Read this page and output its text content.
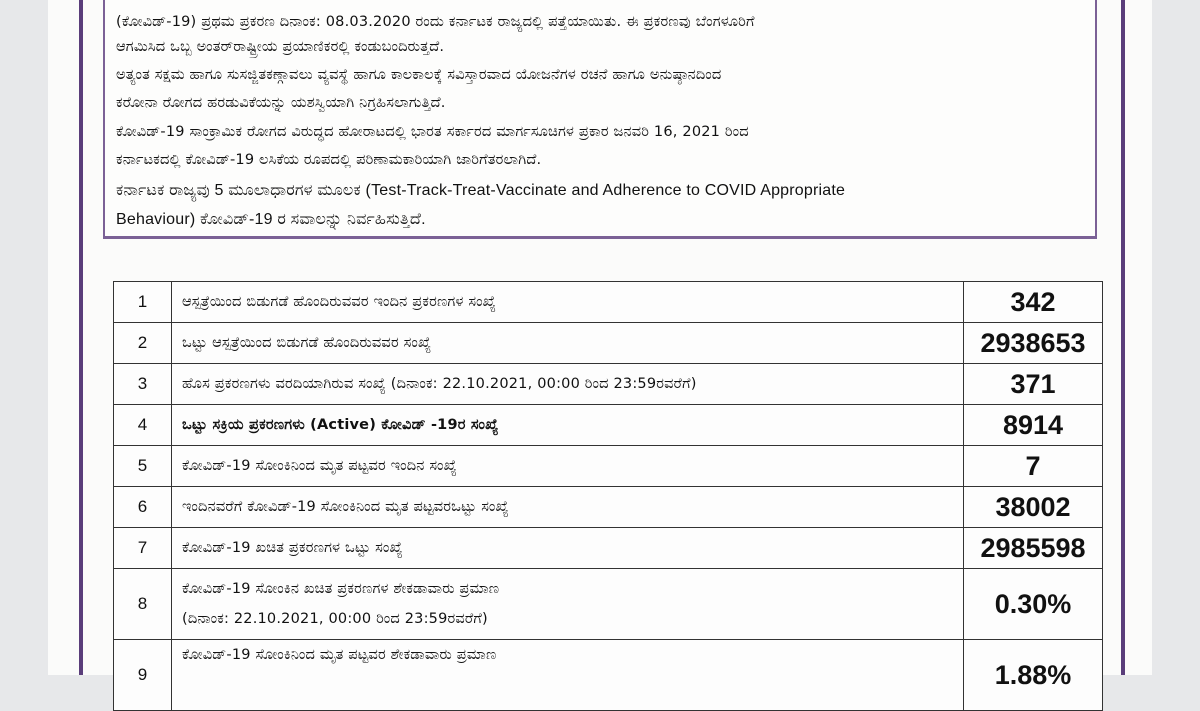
(ಕೋವಿಡ್-19) ಪ್ರಥಮ ಪ್ರಕರಣ ದಿನಾಂಕ: 08.03.2020 ರಂದು ಕರ್ನಾಟಕ ರಾಜ್ಯದಲ್ಲಿ ಪತ್ತೆಯಾಯಿತು. ಈ ಪ್ರಕರಣವು ಬೆಂಗಳೂರಿಗೆ
ಆಗಮಿಸಿದ ಒಬ್ಬ ಅಂತರ್‌ರಾಷ್ಟ್ರೀಯ ಪ್ರಯಾಣಿಕರಲ್ಲಿ ಕಂಡುಬಂದಿರುತ್ತದೆ.
ಅತ್ಯಂತ ಸಕ್ಷಮ ಹಾಗೂ ಸುಸಜ್ಜಿತಕಣ್ಗಾವಲು ವ್ಯವಸ್ಥೆ ಹಾಗೂ ಕಾಲಕಾಲಕ್ಕೆ ಸವಿಸ್ತಾರವಾದ ಯೋಜನೆಗಳ ರಚನೆ ಹಾಗೂ ಅನುಷ್ಠಾನದಿಂದ
ಕರೋನಾ ರೋಗದ ಹರಡುವಿಕೆಯನ್ನು ಯಶಸ್ವಿಯಾಗಿ ನಿಗ್ರಹಿಸಲಾಗುತ್ತಿದೆ.
ಕೋವಿಡ್-19 ಸಾಂಕ್ರಾಮಿಕ ರೋಗದ ವಿರುದ್ಧದ ಹೋರಾಟದಲ್ಲಿ ಭಾರತ ಸರ್ಕಾರದ ಮಾರ್ಗಸೂಚಿಗಳ ಪ್ರಕಾರ ಜನವರಿ 16, 2021 ರಿಂದ
ಕರ್ನಾಟಕದಲ್ಲಿ ಕೋವಿಡ್-19 ಲಸಿಕೆಯ ರೂಪದಲ್ಲಿ ಪರಿಣಾಮಕಾರಿಯಾಗಿ ಜಾರಿಗೆತರಲಾಗಿದೆ.
ಕರ್ನಾಟಕ ರಾಜ್ಯವು 5 ಮೂಲಾಧಾರಗಳ ಮೂಲಕ (Test-Track-Treat-Vaccinate and Adherence to COVID Appropriate
Behaviour) ಕೋವಿಡ್-19 ರ ಸವಾಲನ್ನು ನಿರ್ವಹಿಸುತ್ತಿದೆ.
1	ಆಸ್ಪತ್ರೆಯಿಂದ ಬಿಡುಗಡೆ ಹೊಂದಿರುವವರ ಇಂದಿನ ಪ್ರಕರಣಗಳ ಸಂಖ್ಯೆ	342
2	ಒಟ್ಟು ಆಸ್ಪತ್ರೆಯಿಂದ ಬಿಡುಗಡೆ ಹೊಂದಿರುವವರ ಸಂಖ್ಯೆ	2938653
3	ಹೊಸ ಪ್ರಕರಣಗಳು ವರದಿಯಾಗಿರುವ ಸಂಖ್ಯೆ (ದಿನಾಂಕ: 22.10.2021, 00:00 ರಿಂದ 23:59ರವರೆಗೆ)	371
4	ಒಟ್ಟು ಸಕ್ರಿಯ ಪ್ರಕರಣಗಳು (Active) ಕೋವಿಡ್ -19ರ ಸಂಖ್ಯೆ	8914
5	ಕೋವಿಡ್-19 ಸೋಂಕಿನಿಂದ ಮೃತ ಪಟ್ಟವರ ಇಂದಿನ ಸಂಖ್ಯೆ	7
6	ಇಂದಿನವರೆಗೆ ಕೋವಿಡ್-19 ಸೋಂಕಿನಿಂದ ಮೃತ ಪಟ್ಟವರಒಟ್ಟು ಸಂಖ್ಯೆ	38002
7	ಕೋವಿಡ್-19 ಖಚಿತ ಪ್ರಕರಣಗಳ ಒಟ್ಟು ಸಂಖ್ಯೆ	2985598
8	ಕೋವಿಡ್-19 ಸೋಂಕಿನ ಖಚಿತ ಪ್ರಕರಣಗಳ ಶೇಕಡಾವಾರು ಪ್ರಮಾಣ
(ದಿನಾಂಕ: 22.10.2021, 00:00 ರಿಂದ 23:59ರವರೆಗೆ)	0.30%
9	ಕೋವಿಡ್-19 ಸೋಂಕಿನಿಂದ ಮೃತ ಪಟ್ಟವರ ಶೇಕಡಾವಾರು ಪ್ರಮಾಣ	1.88%
